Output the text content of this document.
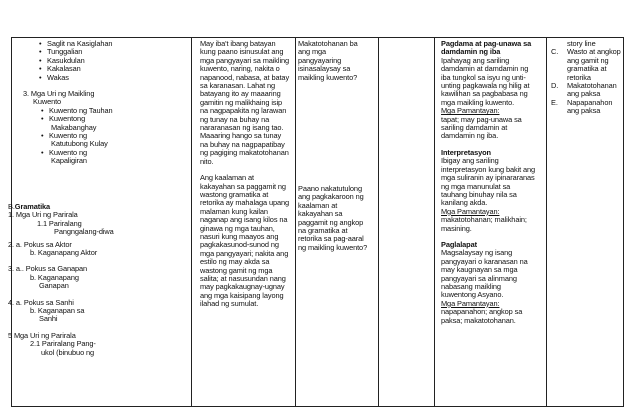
• Saglit na Kasiglahan
• Tunggalian
• Kasukdulan
• Kakalasan
• Wakas
3. Mga Uri ng Maikling
Kuwento
• Kuwento ng Tauhan
• Kuwentong
Makabanghay
• Kuwento ng
Katutubong Kulay
• Kuwento ng
Kapaligiran
B.Gramatika
1. Mga Uri ng Parirala
1.1 Pariralang
Pangngalang-diwa
2. a. Pokus sa Aktor
b. Kaganapang Aktor
3. a.. Pokus sa Ganapan
b. Kaganapang
Ganapan
4. a. Pokus sa Sanhi
b. Kaganapan sa
Sanhi
5 Mga Uri ng Parirala
2.1 Pariralang Pang-
ukol (binubuo ng
May iba't ibang batayan
kung paano isinusulat ang
mga pangyayari sa maikling
kuwento, naring, nakita o
napanood, nabasa, at batay
sa karanasan. Lahat ng
batayang ito ay maaaring
gamitin ng malikhaing isip
na nagpapakita ng larawan
ng tunay na buhay na
nararanasan ng isang tao.
Maaaring hango sa tunay
na buhay na nagpapatibay
ng pagiging makatotohanan
nito.
Ang kaalaman at
kakayahan sa paggamit ng
wastong gramatika at
retorika ay mahalaga upang
malaman kung kailan
naganap ang isang kilos na
ginawa ng mga tauhan,
nasuri kung maayos ang
pagkakasunod-sunod ng
mga pangyayari; nakita ang
estilo ng may akda sa
wastong gamit ng mga
salita; at nasusundan nang
may pagkakaugnay-ugnay
ang mga kaisipang layong
ilahad ng sumulat.
Makatotohanan ba
ang mga
pangyayaring
isinasalaysay sa
maikling kuwento?
Paano nakatutulong
ang pagkakaroon ng
kaalaman at
kakayahan sa
paggamit ng angkop
na gramatika at
retorika sa pag-aaral
ng maikling kuwento?
Pagdama at pag-unawa sa
damdamin ng iba
Ipahayag ang sariling
damdamin at damdamin ng
iba tungkol sa isyu ng unti-
unting pagkawala ng hilig at
kawilihan sa pagbabasa ng
mga maikling kuwento.
Mga Pamantayan:
tapat; may pag-unawa sa
sariling damdamin at
damdamin ng iba.
Interpretasyon
Ibigay ang sariling
interpretasyon kung bakit ang
mga suliranin ay ipinararanas
ng mga manunulat sa
tauhang binuhay nila sa
kanilang akda.
Mga Pamantayan:
makatotohanan; malikhain;
masining.
Paglalapat
Magsalaysay ng isang
pangyayari o karanasan na
may kaugnayan sa mga
pangyayari sa alinmang
nabasang maikling
kuwentong Asyano.
Mga Pamantayan:
napapanahon; angkop sa
paksa; makatotohanan.
story line
C. Wasto at angkop
ang gamit ng
gramatika at
retorika
D. Makatotohanan
ang paksa
E. Napapanahon
ang paksa
